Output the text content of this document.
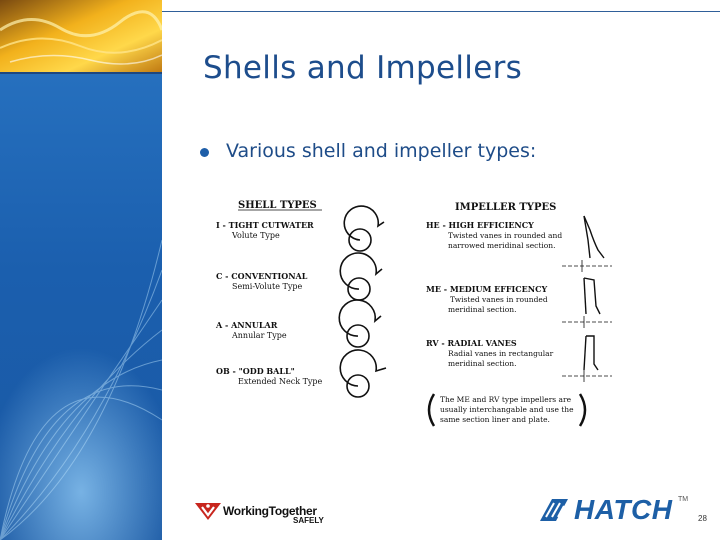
Shells and Impellers
Various shell and impeller types:
SHELL TYPES	IMPELLER TYPES
I - TIGHT CUTWATER
Volute Type
C - CONVENTIONAL
Semi-Volute Type
A - ANNULAR
Annular Type
OB - "ODD BALL"
Extended Neck Type
HE - HIGH EFFICIENCY
Twisted vanes in rounded and
narrowed meridinal section.
ME - MEDIUM EFFICENCY
Twisted vanes in rounded
meridinal section.
RV - RADIAL VANES
Radial vanes in rectangular
meridinal section.
The ME and RV type impellers are
usually interchangable and use the
same section liner and plate.
WorkingTogether
SAFELY	HATCH TM
28
